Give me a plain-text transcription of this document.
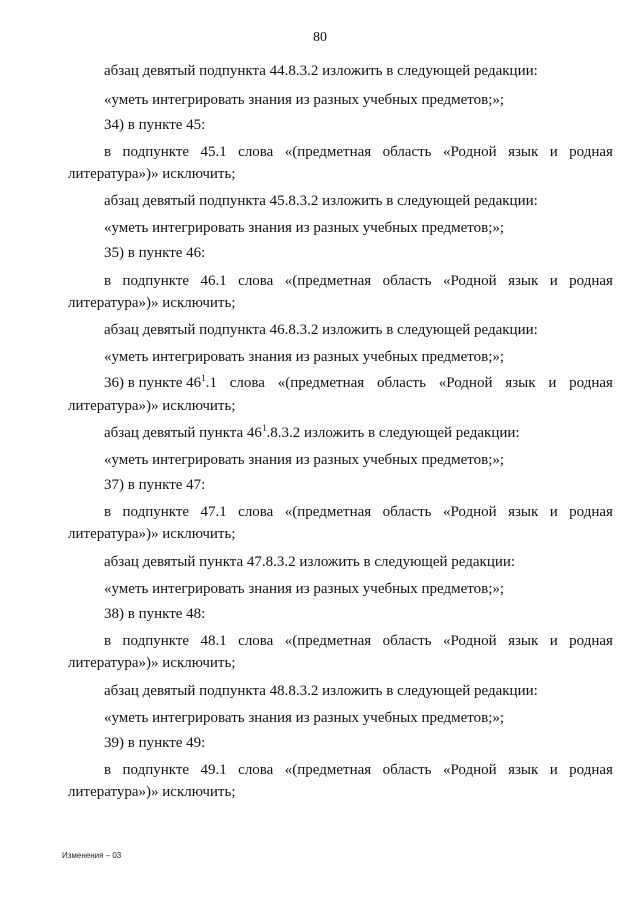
80
абзац девятый подпункта 44.8.3.2 изложить в следующей редакции:
«уметь интегрировать знания из разных учебных предметов;»;
34) в пункте 45:
в подпункте 45.1 слова «(предметная область «Родной язык и родная
литература»)» исключить;
абзац девятый подпункта 45.8.3.2 изложить в следующей редакции:
«уметь интегрировать знания из разных учебных предметов;»;
35) в пункте 46:
в подпункте 46.1 слова «(предметная область «Родной язык и родная
литература»)» исключить;
абзац девятый подпункта 46.8.3.2 изложить в следующей редакции:
«уметь интегрировать знания из разных учебных предметов;»;
36) в пункте $46^1.1$ слова «(предметная область «Родной язык и родная
литература»)» исключить;
абзац девятый пункта $46^1.8.3.2$ изложить в следующей редакции:
«уметь интегрировать знания из разных учебных предметов;»;
37) в пункте 47:
в подпункте 47.1 слова «(предметная область «Родной язык и родная
литература»)» исключить;
абзац девятый пункта 47.8.3.2 изложить в следующей редакции:
«уметь интегрировать знания из разных учебных предметов;»;
38) в пункте 48:
в подпункте 48.1 слова «(предметная область «Родной язык и родная
литература»)» исключить;
абзац девятый подпункта 48.8.3.2 изложить в следующей редакции:
«уметь интегрировать знания из разных учебных предметов;»;
39) в пункте 49:
в подпункте 49.1 слова «(предметная область «Родной язык и родная
литература»)» исключить;
Изменения – 03
